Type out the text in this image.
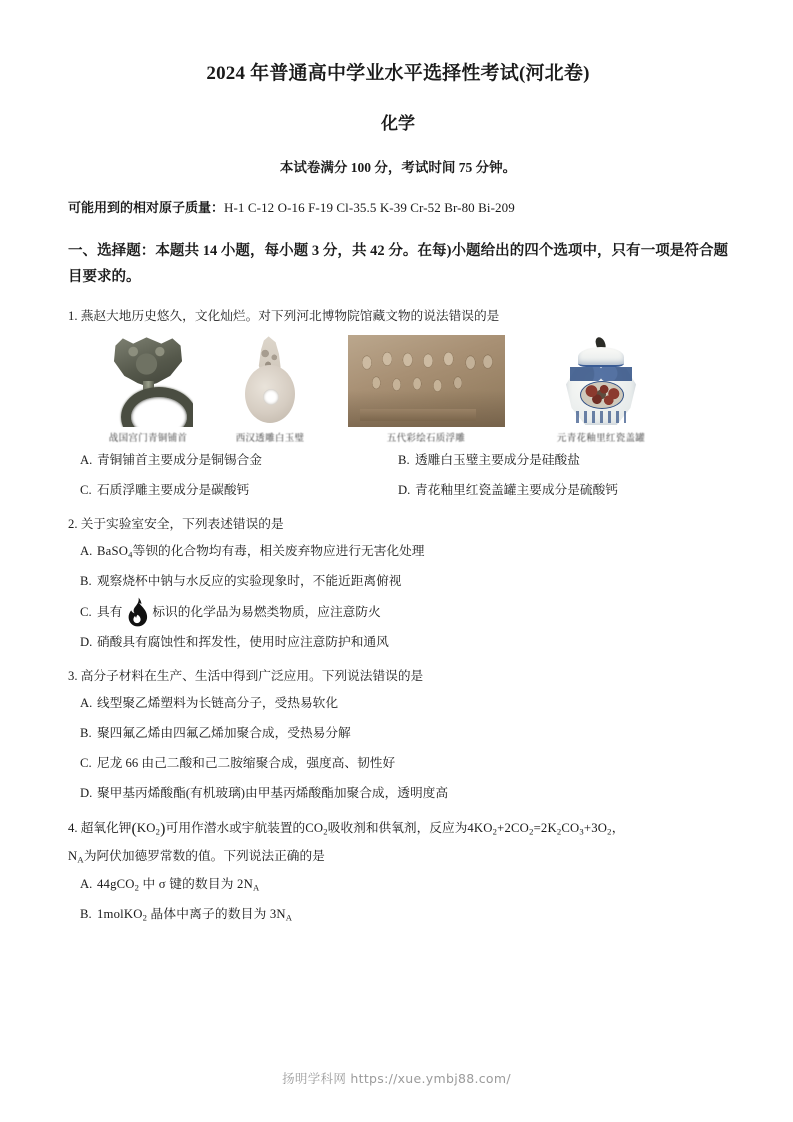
2024 年普通高中学业水平选择性考试(河北卷)
化学
本试卷满分 100 分，考试时间 75 分钟。
可能用到的相对原子质量：H-1 C-12 O-16 F-19 Cl-35.5 K-39 Cr-52 Br-80 Bi-209
一、选择题：本题共 14 小题，每小题 3 分，共 42 分。在每)小题给出的四个选项中，只有一项是符合题目要求的。
1. 燕赵大地历史悠久，文化灿烂。对下列河北博物院馆藏文物的说法错误的是
战国宫门青铜铺首	西汉透雕白玉璧	五代彩绘石质浮雕	元青花釉里红瓷盖罐
A. 青铜铺首主要成分是铜锡合金	B. 透雕白玉璧主要成分是硅酸盐
C. 石质浮雕主要成分是碳酸钙	D. 青花釉里红瓷盖罐主要成分是硫酸钙
2. 关于实验室安全，下列表述错误的是
A. BaSO$_4$等钡的化合物均有毒，相关废弃物应进行无害化处理
B. 观察烧杯中钠与水反应的实验现象时，不能近距离俯视
C. 具有 标识的化学品为易燃类物质，应注意防火
D. 硝酸具有腐蚀性和挥发性，使用时应注意防护和通风
3. 高分子材料在生产、生活中得到广泛应用。下列说法错误的是
A. 线型聚乙烯塑料为长链高分子，受热易软化
B. 聚四氟乙烯由四氟乙烯加聚合成，受热易分解
C. 尼龙 66 由己二酸和己二胺缩聚合成，强度高、韧性好
D. 聚甲基丙烯酸酯(有机玻璃)由甲基丙烯酸酯加聚合成，透明度高
4. 超氧化钾$(KO_2)$可用作潜水或宇航装置的$CO_2$吸收剂和供氧剂，反应为$4KO_2+2CO_2=2K_2CO_3+3O_2$，
$N_A$为阿伏加德罗常数的值。下列说法正确的是
A. 44gCO$_2$ 中 σ 键的数目为 $2N_A$
B. 1molKO$_2$ 晶体中离子的数目为 $3N_A$
扬明学科网 https://xue.ymbj88.com/
